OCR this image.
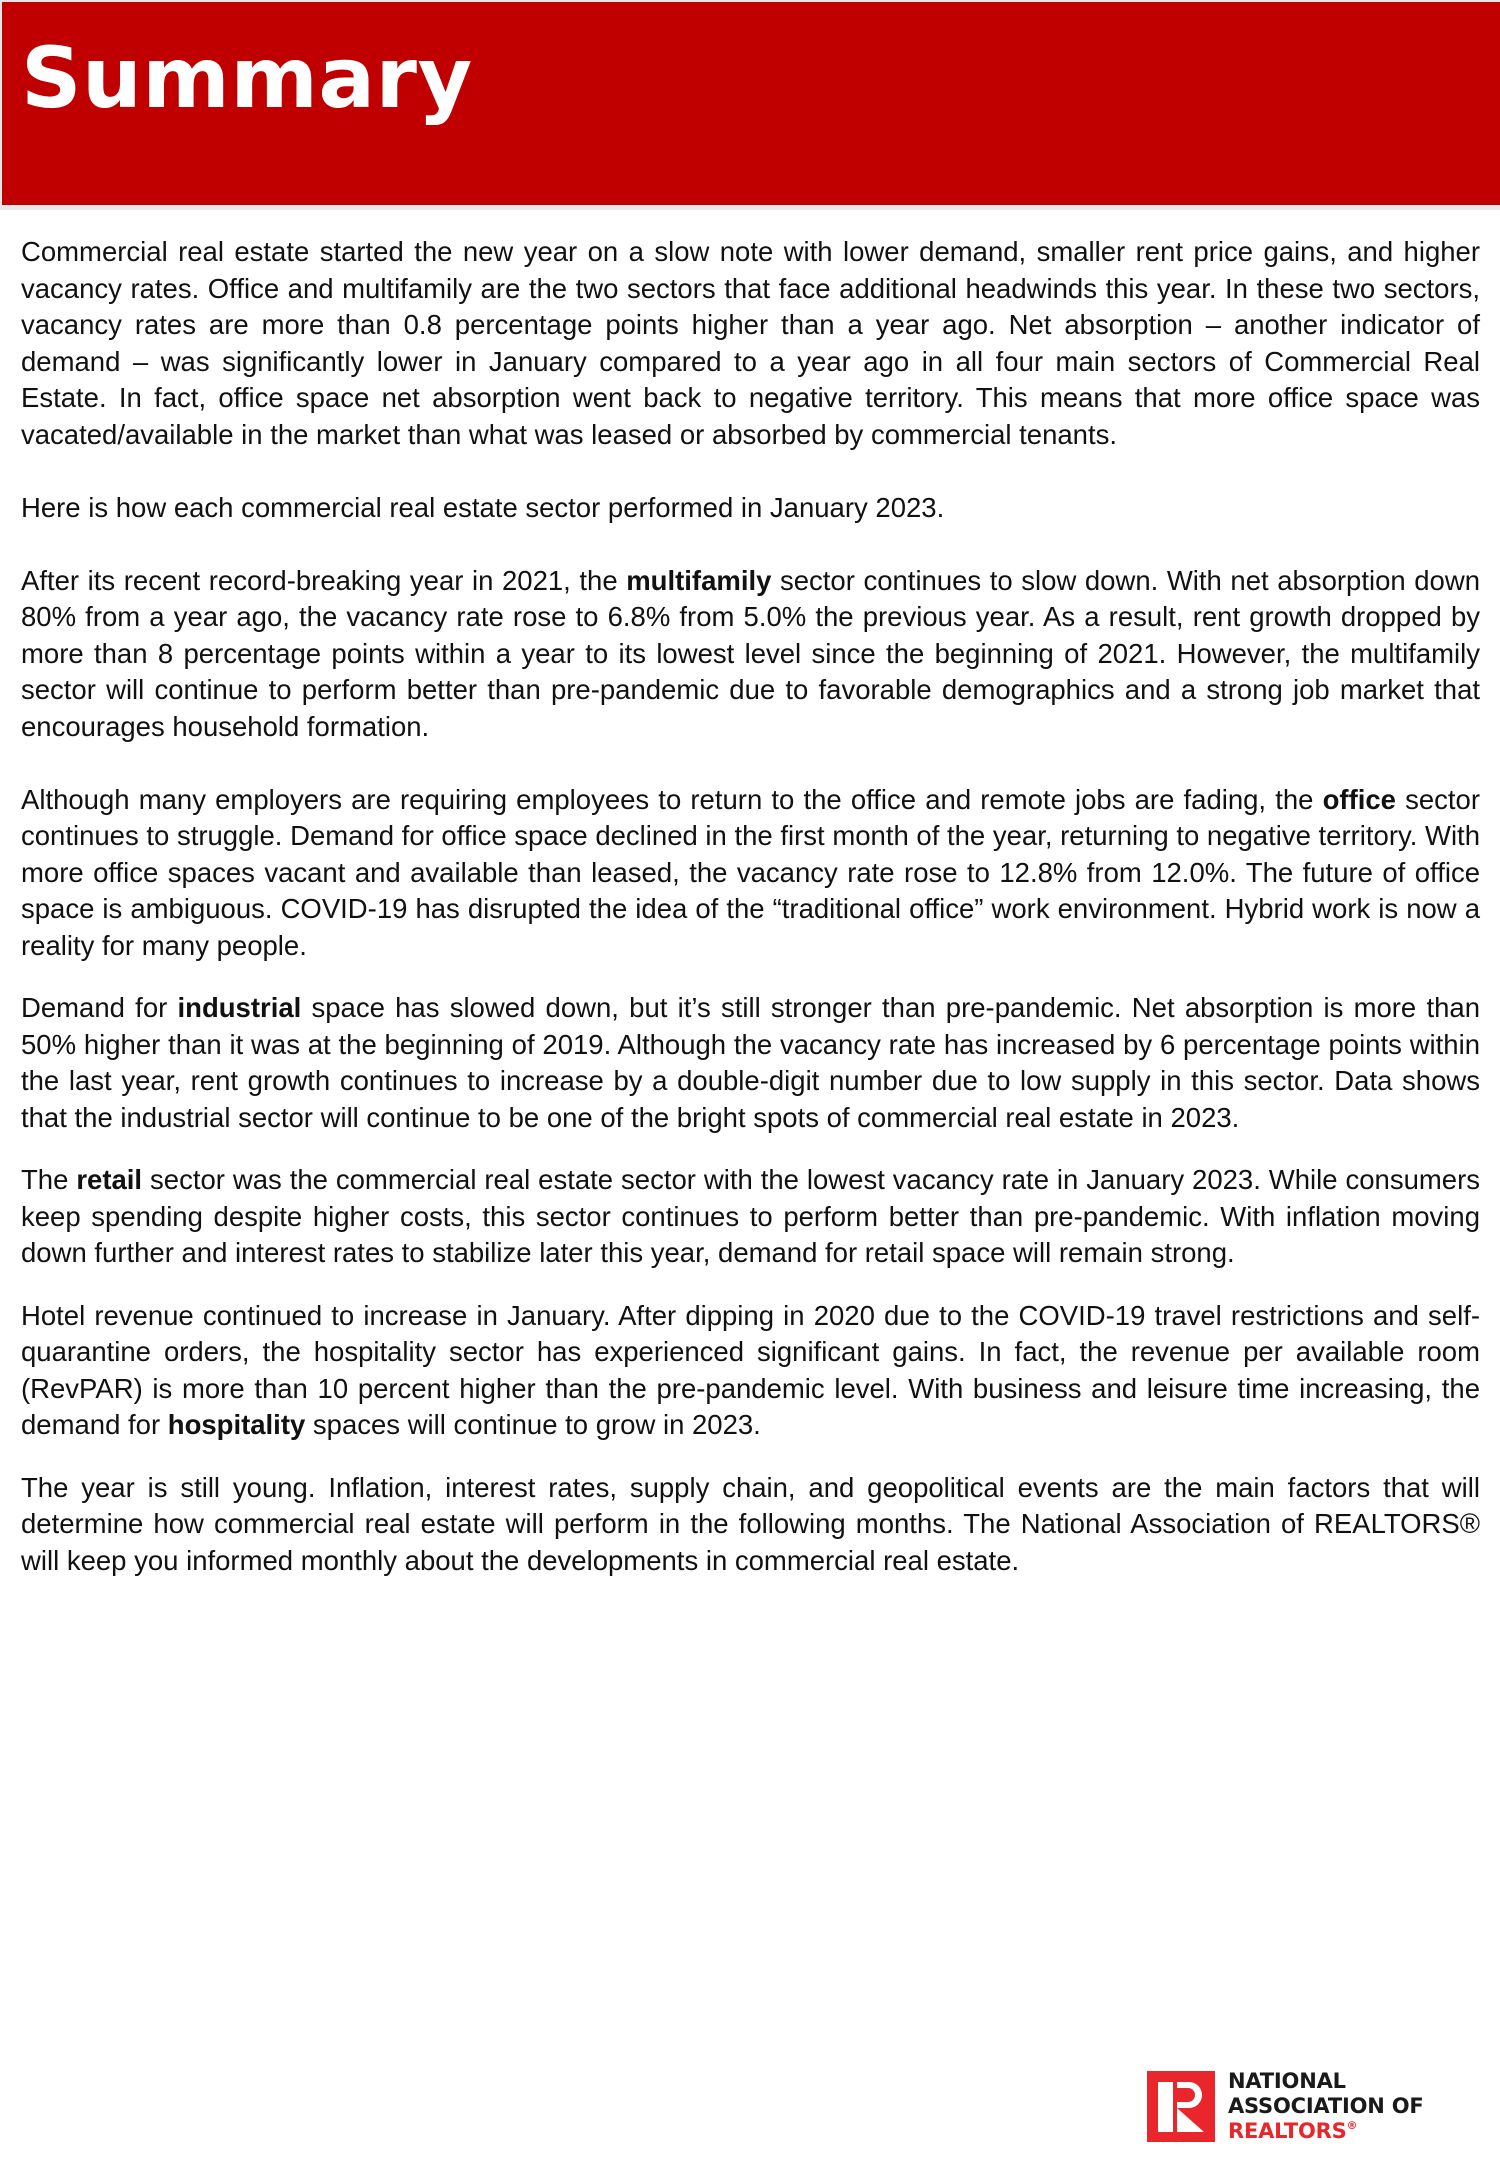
Summary

Commercial real estate started the new year on a slow note with lower demand, smaller rent price gains, and higher vacancy rates. Office and multifamily are the two sectors that face additional headwinds this year. In these two sectors, vacancy rates are more than 0.8 percentage points higher than a year ago. Net absorption – another indicator of demand – was significantly lower in January compared to a year ago in all four main sectors of Commercial Real Estate. In fact, office space net absorption went back to negative territory. This means that more office space was vacated/available in the market than what was leased or absorbed by commercial tenants.

Here is how each commercial real estate sector performed in January 2023.

After its recent record-breaking year in 2021, the multifamily sector continues to slow down. With net absorption down 80% from a year ago, the vacancy rate rose to 6.8% from 5.0% the previous year. As a result, rent growth dropped by more than 8 percentage points within a year to its lowest level since the beginning of 2021. However, the multifamily sector will continue to perform better than pre-pandemic due to favorable demographics and a strong job market that encourages household formation.

Although many employers are requiring employees to return to the office and remote jobs are fading, the office sector continues to struggle. Demand for office space declined in the first month of the year, returning to negative territory. With more office spaces vacant and available than leased, the vacancy rate rose to 12.8% from 12.0%. The future of office space is ambiguous. COVID-19 has disrupted the idea of the “traditional office” work environment. Hybrid work is now a reality for many people.

Demand for industrial space has slowed down, but it’s still stronger than pre-pandemic. Net absorption is more than 50% higher than it was at the beginning of 2019. Although the vacancy rate has increased by 6 percentage points within the last year, rent growth continues to increase by a double-digit number due to low supply in this sector. Data shows that the industrial sector will continue to be one of the bright spots of commercial real estate in 2023.

The retail sector was the commercial real estate sector with the lowest vacancy rate in January 2023. While consumers keep spending despite higher costs, this sector continues to perform better than pre-pandemic. With inflation moving down further and interest rates to stabilize later this year, demand for retail space will remain strong.

Hotel revenue continued to increase in January. After dipping in 2020 due to the COVID-19 travel restrictions and self-quarantine orders, the hospitality sector has experienced significant gains. In fact, the revenue per available room (RevPAR) is more than 10 percent higher than the pre-pandemic level. With business and leisure time increasing, the demand for hospitality spaces will continue to grow in 2023.

The year is still young. Inflation, interest rates, supply chain, and geopolitical events are the main factors that will determine how commercial real estate will perform in the following months. The National Association of REALTORS® will keep you informed monthly about the developments in commercial real estate.

NATIONAL
ASSOCIATION OF
REALTORS®
